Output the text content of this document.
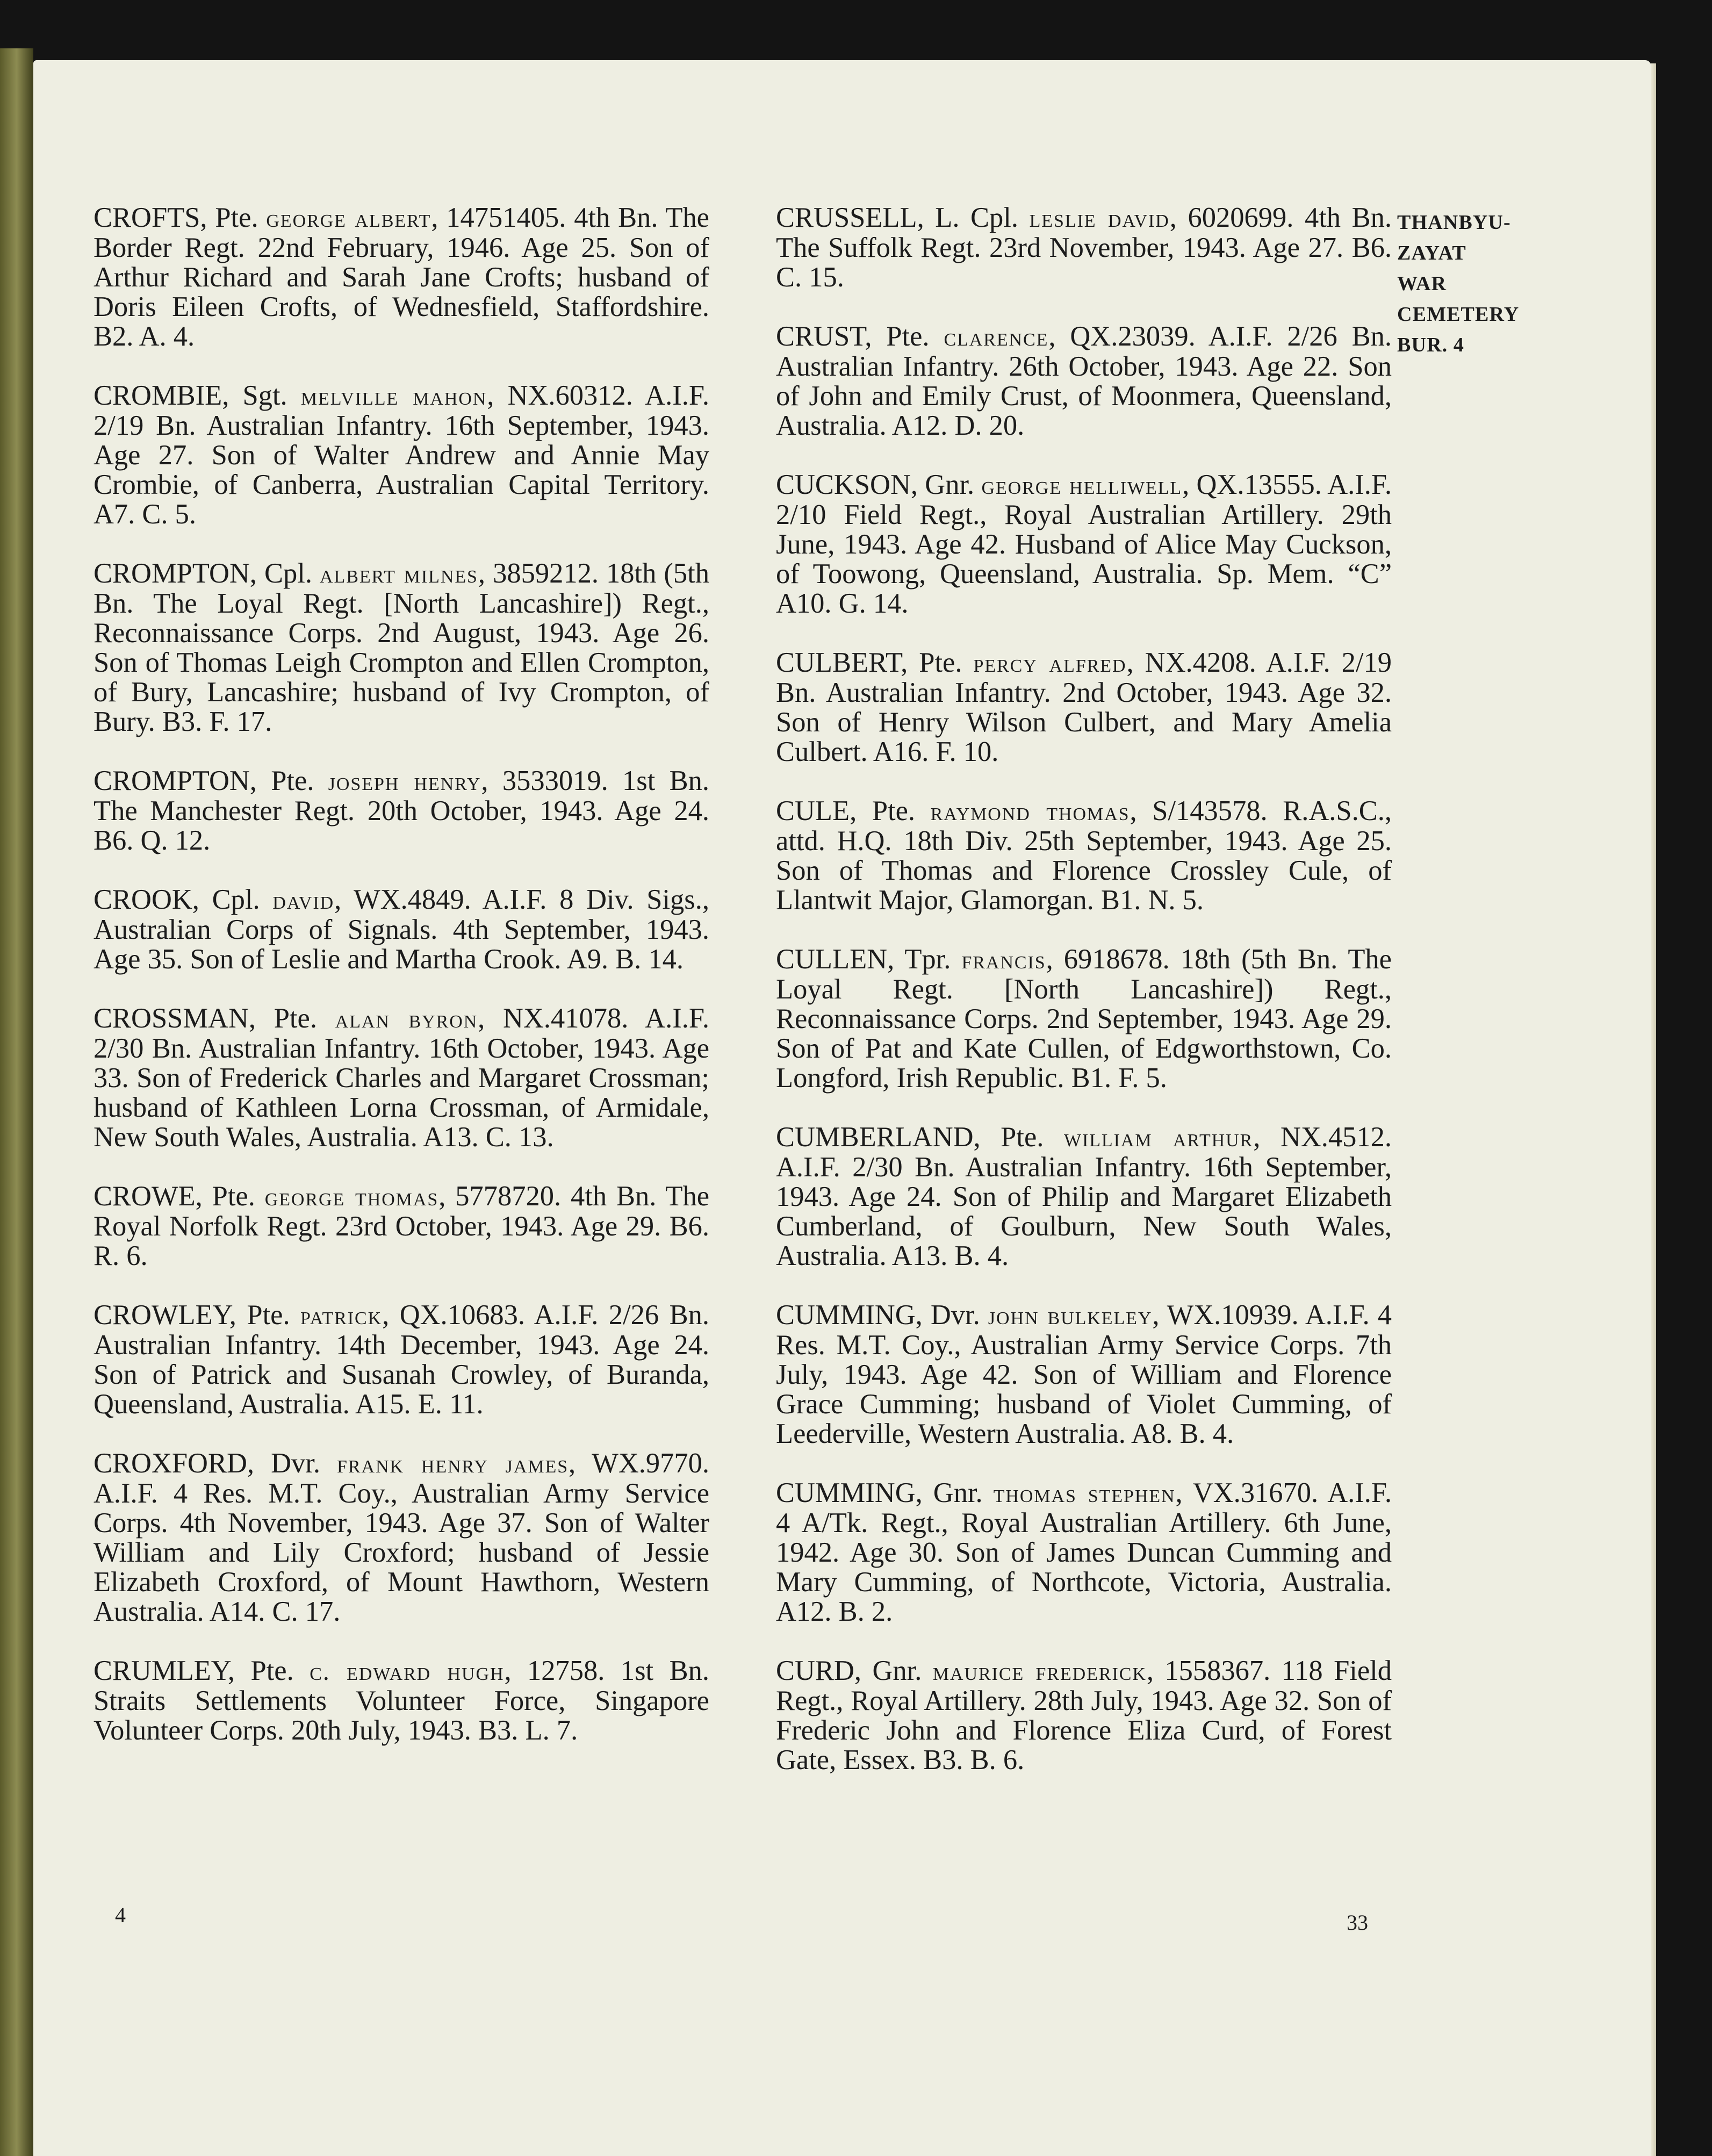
CROFTS, Pte. george albert, 14751405. 4th Bn. The Border Regt. 22nd February, 1946. Age 25. Son of Arthur Richard and Sarah Jane Crofts; husband of Doris Eileen Crofts, of Wednesfield, Staffordshire. B2. A. 4.

CROMBIE, Sgt. melville mahon, NX.60312. A.I.F. 2/19 Bn. Australian Infantry. 16th September, 1943. Age 27. Son of Walter Andrew and Annie May Crombie, of Canberra, Australian Capital Territory. A7. C. 5.

CROMPTON, Cpl. albert milnes, 3859212. 18th (5th Bn. The Loyal Regt. [North Lancashire]) Regt., Reconnaissance Corps. 2nd August, 1943. Age 26. Son of Thomas Leigh Crompton and Ellen Crompton, of Bury, Lancashire; husband of Ivy Crompton, of Bury. B3. F. 17.

CROMPTON, Pte. joseph henry, 3533019. 1st Bn. The Manchester Regt. 20th October, 1943. Age 24. B6. Q. 12.

CROOK, Cpl. david, WX.4849. A.I.F. 8 Div. Sigs., Australian Corps of Signals. 4th September, 1943. Age 35. Son of Leslie and Martha Crook. A9. B. 14.

CROSSMAN, Pte. alan byron, NX.41078. A.I.F. 2/30 Bn. Australian Infantry. 16th October, 1943. Age 33. Son of Frederick Charles and Margaret Crossman; husband of Kathleen Lorna Crossman, of Armidale, New South Wales, Australia. A13. C. 13.

CROWE, Pte. george thomas, 5778720. 4th Bn. The Royal Norfolk Regt. 23rd October, 1943. Age 29. B6. R. 6.

CROWLEY, Pte. patrick, QX.10683. A.I.F. 2/26 Bn. Australian Infantry. 14th December, 1943. Age 24. Son of Patrick and Susanah Crowley, of Buranda, Queensland, Australia. A15. E. 11.

CROXFORD, Dvr. frank henry james, WX.9770. A.I.F. 4 Res. M.T. Coy., Australian Army Service Corps. 4th November, 1943. Age 37. Son of Walter William and Lily Croxford; husband of Jessie Elizabeth Croxford, of Mount Hawthorn, Western Australia. A14. C. 17.

CRUMLEY, Pte. c. edward hugh, 12758. 1st Bn. Straits Settlements Volunteer Force, Singapore Volunteer Corps. 20th July, 1943. B3. L. 7.

CRUSSELL, L. Cpl. leslie david, 6020699. 4th Bn. The Suffolk Regt. 23rd November, 1943. Age 27. B6. C. 15.

CRUST, Pte. clarence, QX.23039. A.I.F. 2/26 Bn. Australian Infantry. 26th October, 1943. Age 22. Son of John and Emily Crust, of Moonmera, Queensland, Australia. A12. D. 20.

CUCKSON, Gnr. george helliwell, QX.13555. A.I.F. 2/10 Field Regt., Royal Australian Artillery. 29th June, 1943. Age 42. Husband of Alice May Cuckson, of Toowong, Queensland, Australia. Sp. Mem. “C” A10. G. 14.

CULBERT, Pte. percy alfred, NX.4208. A.I.F. 2/19 Bn. Australian Infantry. 2nd October, 1943. Age 32. Son of Henry Wilson Culbert, and Mary Amelia Culbert. A16. F. 10.

CULE, Pte. raymond thomas, S/143578. R.A.S.C., attd. H.Q. 18th Div. 25th September, 1943. Age 25. Son of Thomas and Florence Crossley Cule, of Llantwit Major, Glamorgan. B1. N. 5.

CULLEN, Tpr. francis, 6918678. 18th (5th Bn. The Loyal Regt. [North Lancashire]) Regt., Reconnaissance Corps. 2nd September, 1943. Age 29. Son of Pat and Kate Cullen, of Edgworthstown, Co. Longford, Irish Republic. B1. F. 5.

CUMBERLAND, Pte. william arthur, NX.4512. A.I.F. 2/30 Bn. Australian Infantry. 16th September, 1943. Age 24. Son of Philip and Margaret Elizabeth Cumberland, of Goulburn, New South Wales, Australia. A13. B. 4.

CUMMING, Dvr. john bulkeley, WX.10939. A.I.F. 4 Res. M.T. Coy., Australian Army Service Corps. 7th July, 1943. Age 42. Son of William and Florence Grace Cumming; husband of Violet Cumming, of Leederville, Western Australia. A8. B. 4.

CUMMING, Gnr. thomas stephen, VX.31670. A.I.F. 4 A/Tk. Regt., Royal Australian Artillery. 6th June, 1942. Age 30. Son of James Duncan Cumming and Mary Cumming, of Northcote, Victoria, Australia. A12. B. 2.

CURD, Gnr. maurice frederick, 1558367. 118 Field Regt., Royal Artillery. 28th July, 1943. Age 32. Son of Frederic John and Florence Eliza Curd, of Forest Gate, Essex. B3. B. 6.

THANBYU-
ZAYAT
WAR
CEMETERY
BUR. 4
4	33
